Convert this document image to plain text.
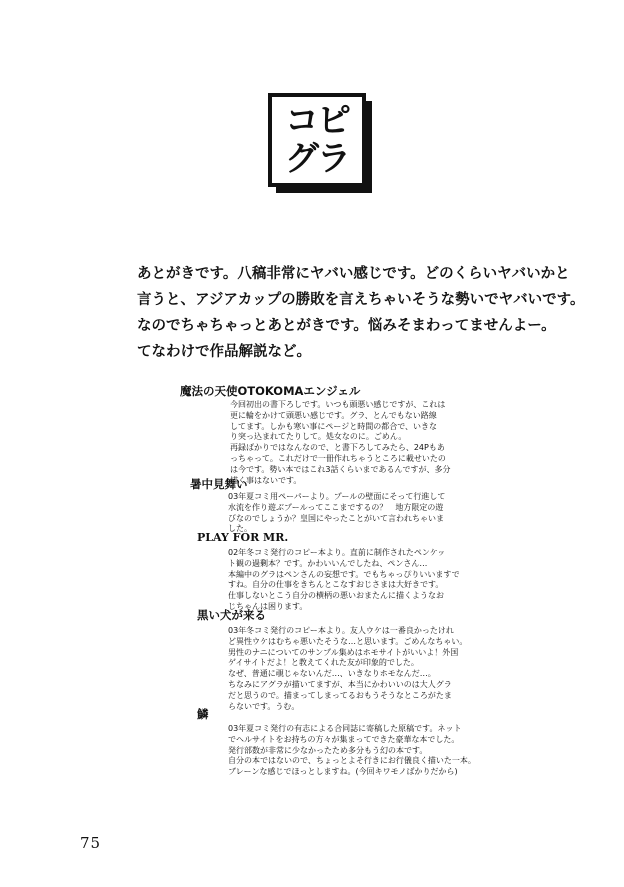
コピ
グラ
あとがきです。八稿非常にヤバい感じです。どのくらいヤバいかと
言うと、アジアカップの勝敗を言えちゃいそうな勢いでヤバいです。
なのでちゃちゃっとあとがきです。悩みそまわってませんよー。
てなわけで作品解説など。
魔法の天使OTOKOMAエンジェル
今回初出の書下ろしです。いつも頭悪い感じですが、これは
更に輪をかけて頭悪い感じです。グラ、とんでもない路線
してます。しかも寒い事にページと時間の都合で、いきな
り突っ込まれてたりして。処女なのに。ごめん。
再録ばかりではなんなので、と書下ろしてみたら、24Pもあ
っちゃって。これだけで一冊作れちゃうところに載せいたの
は今です。勢い本ではこれ3話くらいまであるんですが、多分
描く事はないです。
暑中見舞い
03年夏コミ用ペーパーより。プールの壁面にそって行進して
水流を作り遊ぶプールってここまでするの？　地方限定の遊
びなのでしょうか？皇国にやったことがいて言われちゃいま
した。
PLAY FOR MR.
02年冬コミ発行のコピー本より。直前に制作されたペンケッ
ト観の過剰本？です。かわいいんでしたね、ペンさん…
本編中のグラはペンさんの妄想です。でもちゃっぴりいいますで
すね。自分の仕事をきちんとこなすおじさまは大好きです。
仕事しないとこう自分の横柄の悪いおまたんに描くようなお
じちゃんは困ります。
黒い犬が来る
03年冬コミ発行のコピー本より。友人ウケは一番良かったけれ
ど異性ウケはむちゃ悪いたそうな…と思います。ごめんなちゃい。
男性のナニについてのサンプル集めはホモサイトがいいよ！外国
ゲイサイトだよ！と教えてくれた友が印象的でした。
なぜ、普通に覗じゃないんだ…、いきなりホモなんだ…。
ちなみにアグラが描いてますが、本当にかわいいのは大人グラ
だと思うので。描まってしまってるおもうそうなところがたま
らないです。うむ。
鱗
03年夏コミ発行の有志による合同誌に寄稿した原稿です。ネット
でヘルサイトをお持ちの方々が集まってできた豪華な本でした。
発行部数が非常に少なかったため多分もう幻の本です。
自分の本ではないので、ちょっとよそ行きにお行儀良く描いた一本。
ブレーンな感じでほっとしますね。(今回キワモノばかりだから)
75
